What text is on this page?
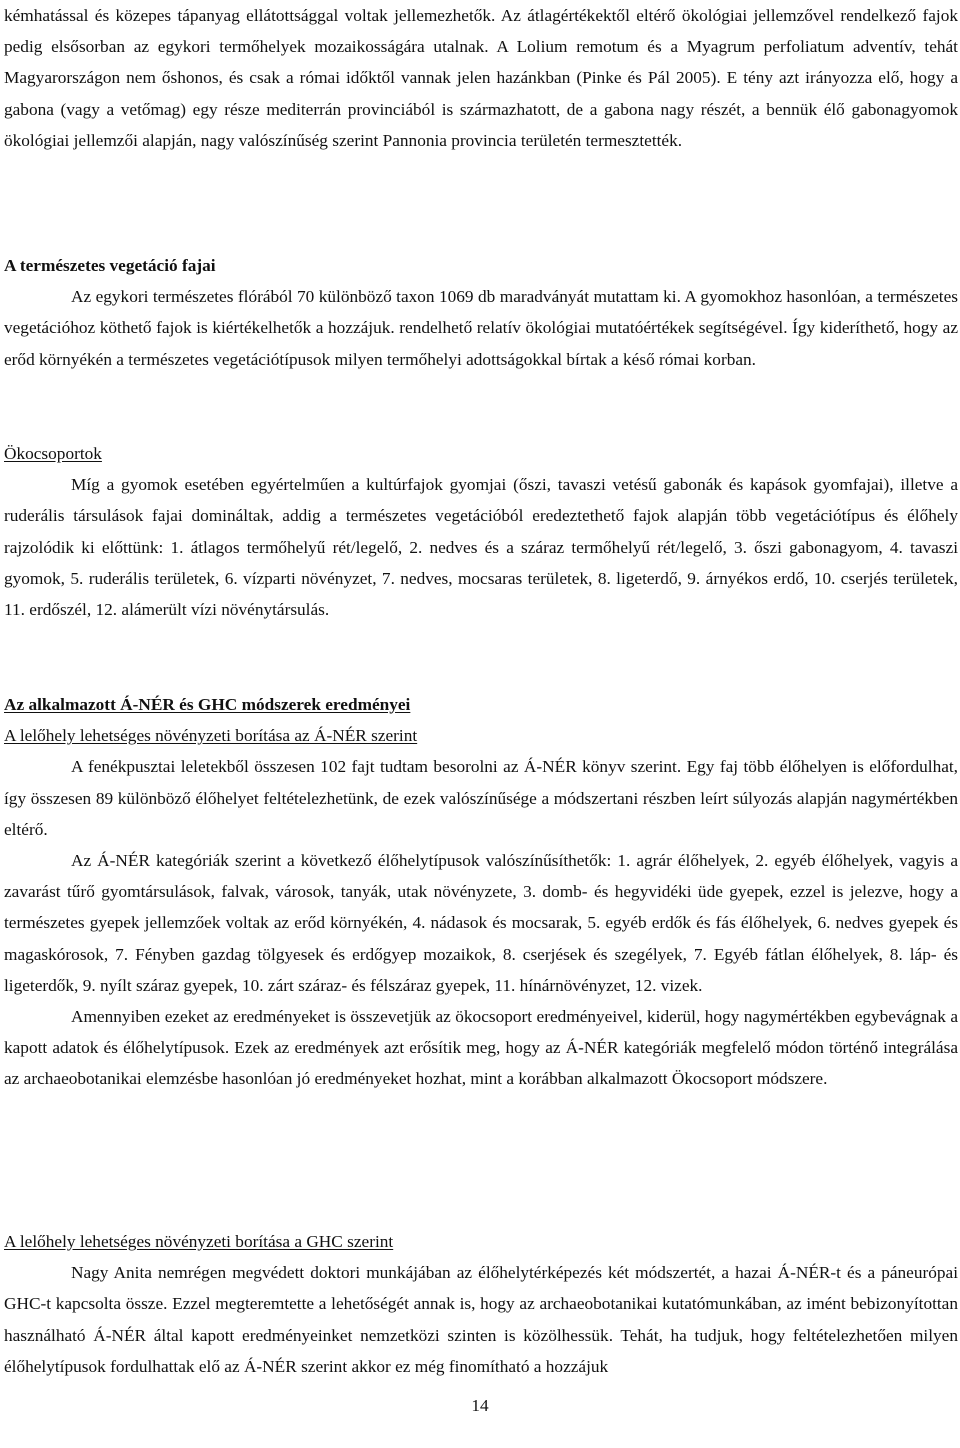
kémhatással és közepes tápanyag ellátottsággal voltak jellemezhetők. Az átlagértékektől eltérő ökológiai jellemzővel rendelkező fajok pedig elsősorban az egykori termőhelyek mozaikosságára utalnak. A Lolium remotum és a Myagrum perfoliatum adventív, tehát Magyarországon nem őshonos, és csak a római időktől vannak jelen hazánkban (Pinke és Pál 2005). E tény azt irányozza elő, hogy a gabona (vagy a vetőmag) egy része mediterrán provinciából is származhatott, de a gabona nagy részét, a bennük élő gabonagyomok ökológiai jellemzői alapján, nagy valószínűség szerint Pannonia provincia területén termesztették.

A természetes vegetáció fajai

Az egykori természetes flórából 70 különböző taxon 1069 db maradványát mutattam ki. A gyomokhoz hasonlóan, a természetes vegetációhoz köthető fajok is kiértékelhetők a hozzájuk. rendelhető relatív ökológiai mutatóértékek segítségével. Így kideríthető, hogy az erőd környékén a természetes vegetációtípusok milyen termőhelyi adottságokkal bírtak a késő római korban.

Ökocsoportok

Míg a gyomok esetében egyértelműen a kultúrfajok gyomjai (őszi, tavaszi vetésű gabonák és kapások gyomfajai), illetve a ruderális társulások fajai domináltak, addig a természetes vegetációból eredeztethető fajok alapján több vegetációtípus és élőhely rajzolódik ki előttünk: 1. átlagos termőhelyű rét/legelő, 2. nedves és a száraz termőhelyű rét/legelő, 3. őszi gabonagyom, 4. tavaszi gyomok, 5. ruderális területek, 6. vízparti növényzet, 7. nedves, mocsaras területek, 8. ligeterdő, 9. árnyékos erdő, 10. cserjés területek, 11. erdőszél, 12. alámerült vízi növénytársulás.

Az alkalmazott Á-NÉR és GHC módszerek eredményei
A lelőhely lehetséges növényzeti borítása az Á-NÉR szerint

A fenékpusztai leletekből összesen 102 fajt tudtam besorolni az Á-NÉR könyv szerint. Egy faj több élőhelyen is előfordulhat, így összesen 89 különböző élőhelyet feltételezhetünk, de ezek valószínűsége a módszertani részben leírt súlyozás alapján nagymértékben eltérő.

Az Á-NÉR kategóriák szerint a következő élőhelytípusok valószínűsíthetők: 1. agrár élőhelyek, 2. egyéb élőhelyek, vagyis a zavarást tűrő gyomtársulások, falvak, városok, tanyák, utak növényzete, 3. domb- és hegyvidéki üde gyepek, ezzel is jelezve, hogy a természetes gyepek jellemzőek voltak az erőd környékén, 4. nádasok és mocsarak, 5. egyéb erdők és fás élőhelyek, 6. nedves gyepek és magaskórosok, 7. Fényben gazdag tölgyesek és erdőgyep mozaikok, 8. cserjések és szegélyek, 7. Egyéb fátlan élőhelyek, 8. láp- és ligeterdők, 9. nyílt száraz gyepek, 10. zárt száraz- és félszáraz gyepek, 11. hínárnövényzet, 12. vizek.

Amennyiben ezeket az eredményeket is összevetjük az ökocsoport eredményeivel, kiderül, hogy nagymértékben egybevágnak a kapott adatok és élőhelytípusok. Ezek az eredmények azt erősítik meg, hogy az Á-NÉR kategóriák megfelelő módon történő integrálása az archaeobotanikai elemzésbe hasonlóan jó eredményeket hozhat, mint a korábban alkalmazott Ökocsoport módszere.

A lelőhely lehetséges növényzeti borítása a GHC szerint

Nagy Anita nemrégen megvédett doktori munkájában az élőhelytérképezés két módszertét, a hazai Á-NÉR-t és a páneurópai GHC-t kapcsolta össze. Ezzel megteremtette a lehetőségét annak is, hogy az archaeobotanikai kutatómunkában, az imént bebizonyítottan használható Á-NÉR által kapott eredményeinket nemzetközi szinten is közölhessük. Tehát, ha tudjuk, hogy feltételezhetően milyen élőhelytípusok fordulhattak elő az Á-NÉR szerint akkor ez még finomítható a hozzájuk

14
